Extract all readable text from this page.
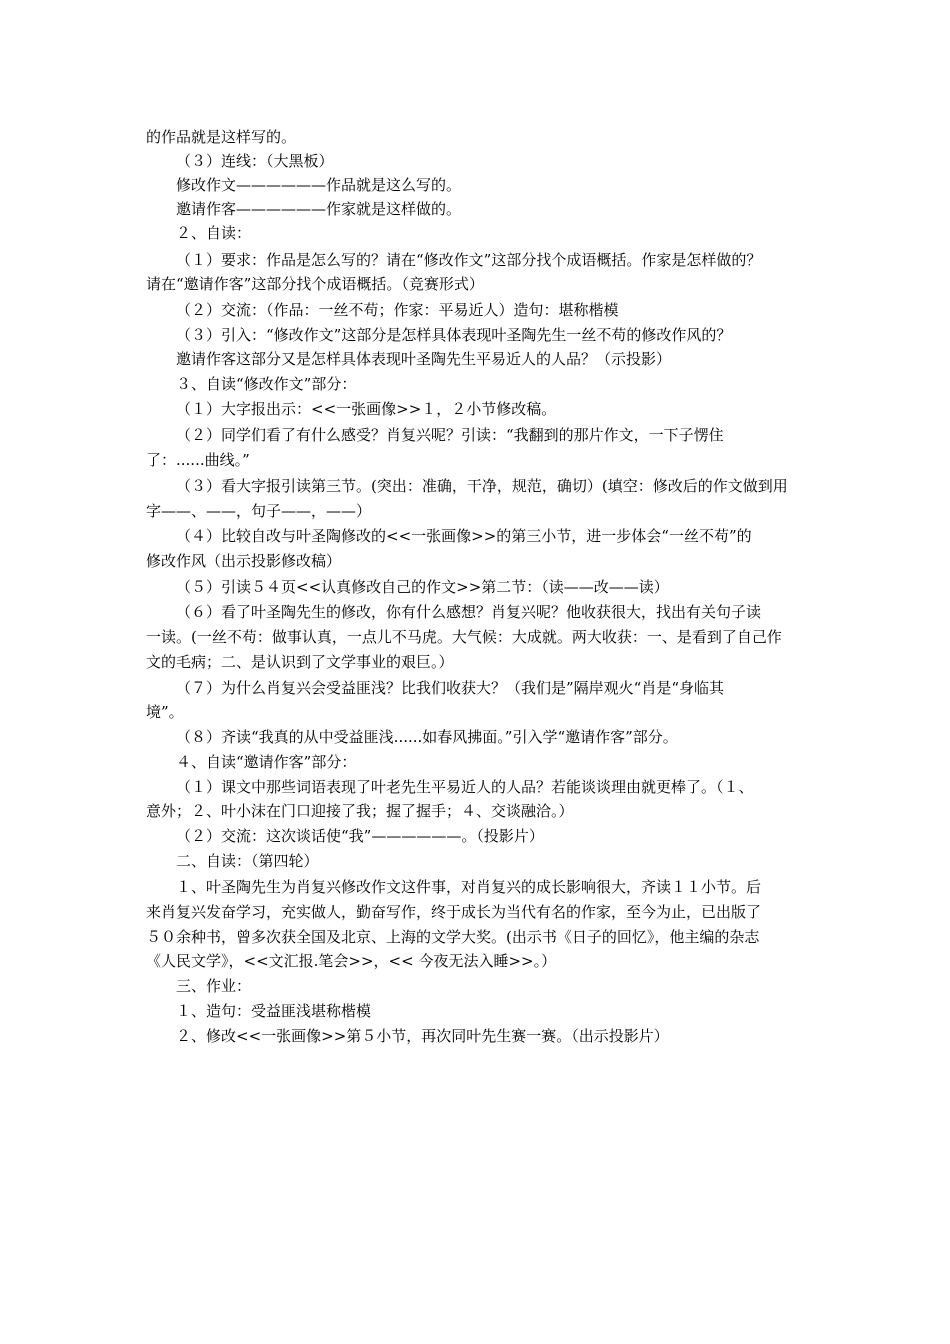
的作品就是这样写的。
（３）连线：（大黑板）
修改作文——————作品就是这么写的。
邀请作客——————作家就是这样做的。
２、自读：
（１）要求：作品是怎么写的？请在“修改作文”这部分找个成语概括。作家是怎样做的？
请在“邀请作客”这部分找个成语概括。（竞赛形式）
（２）交流：（作品：一丝不苟；作家：平易近人）造句：堪称楷模
（３）引入：“修改作文”这部分是怎样具体表现叶圣陶先生一丝不苟的修改作风的？
邀请作客这部分又是怎样具体表现叶圣陶先生平易近人的人品？（示投影）
３、自读“修改作文”部分：
（１）大字报出示：<<一张画像>>１，２小节修改稿。
（２）同学们看了有什么感受？肖复兴呢？引读：“我翻到的那片作文，一下子愣住
了：......曲线。”
（３）看大字报引读第三节。(突出：准确，干净，规范，确切）(填空：修改后的作文做到用
字——、——，句子——，——）
（４）比较自改与叶圣陶修改的<<一张画像>>的第三小节，进一步体会“一丝不苟”的
修改作风（出示投影修改稿）
（５）引读５４页<<认真修改自己的作文>>第二节：（读——改——读）
（６）看了叶圣陶先生的修改，你有什么感想？肖复兴呢？他收获很大，找出有关句子读
一读。(一丝不苟：做事认真，一点儿不马虎。大气候：大成就。两大收获：一、是看到了自己作
文的毛病；二、是认识到了文学事业的艰巨。）
（７）为什么肖复兴会受益匪浅？比我们收获大？（我们是”隔岸观火“肖是“身临其
境”。
（８）齐读“我真的从中受益匪浅......如春风拂面。”引入学“邀请作客”部分。
４、自读“邀请作客”部分：
（１）课文中那些词语表现了叶老先生平易近人的人品？若能谈谈理由就更棒了。（１、
意外；２、叶小沫在门口迎接了我；握了握手；４、交谈融洽。）
（２）交流：这次谈话使“我”——————。（投影片）
二、自读：（第四轮）
１、叶圣陶先生为肖复兴修改作文这件事，对肖复兴的成长影响很大，齐读１１小节。后
来肖复兴发奋学习，充实做人，勤奋写作，终于成长为当代有名的作家，至今为止，已出版了
５０余种书，曾多次获全国及北京、上海的文学大奖。(出示书《日子的回忆》，他主编的杂志
《人民文学》，<<文汇报.笔会>>，<< 今夜无法入睡>>。）
三、作业：
１、造句：受益匪浅堪称楷模
２、修改<<一张画像>>第５小节，再次同叶先生赛一赛。（出示投影片）
